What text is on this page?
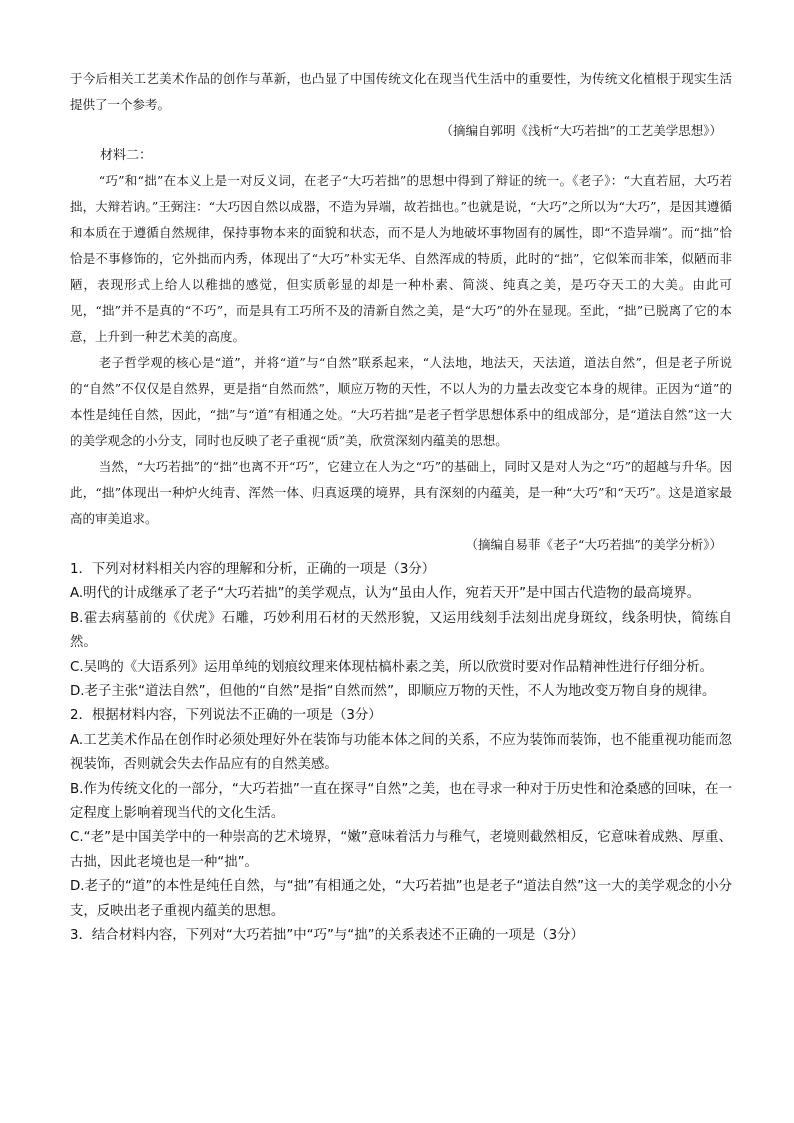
于今后相关工艺美术作品的创作与革新，也凸显了中国传统文化在现当代生活中的重要性，为传统文化植根于现实生活提供了一个参考。

（摘编自郭明《浅析“大巧若拙”的工艺美学思想》）

材料二：

“巧”和“拙”在本义上是一对反义词，在老子“大巧若拙”的思想中得到了辩证的统一。《老子》：“大直若屈，大巧若拙，大辩若讷。”王弼注：“大巧因自然以成器，不造为异端，故若拙也。”也就是说，“大巧”之所以为“大巧”，是因其遵循和本质在于遵循自然规律，保持事物本来的面貌和状态，而不是人为地破坏事物固有的属性，即“不造异端”。而“拙”恰恰是不事修饰的，它外拙而内秀，体现出了“大巧”朴实无华、自然浑成的特质，此时的“拙”，它似笨而非笨，似陋而非陋，表现形式上给人以稚拙的感觉，但实质彰显的却是一种朴素、简淡、纯真之美，是巧夺天工的大美。由此可见，“拙”并不是真的“不巧”，而是具有工巧所不及的清新自然之美，是“大巧”的外在显现。至此，“拙”已脱离了它的本意，上升到一种艺术美的高度。

老子哲学观的核心是“道”，并将“道”与“自然”联系起来，“人法地，地法天，天法道，道法自然”，但是老子所说的“自然”不仅仅是自然界，更是指“自然而然”，顺应万物的天性，不以人为的力量去改变它本身的规律。正因为“道”的本性是纯任自然，因此，“拙”与“道”有相通之处。“大巧若拙”是老子哲学思想体系中的组成部分，是“道法自然”这一大的美学观念的小分支，同时也反映了老子重视“质”美，欣赏深刻内蕴美的思想。

当然，“大巧若拙”的“拙”也离不开“巧”，它建立在人为之“巧”的基础上，同时又是对人为之“巧”的超越与升华。因此，“拙”体现出一种炉火纯青、浑然一体、归真返璞的境界，具有深刻的内蕴美，是一种“大巧”和“天巧”。这是道家最高的审美追求。

（摘编自易菲《老子“大巧若拙”的美学分析》）

1．下列对材料相关内容的理解和分析，正确的一项是（3分）

A.明代的计成继承了老子“大巧若拙”的美学观点，认为“虽由人作，宛若天开”是中国古代造物的最高境界。

B.霍去病墓前的《伏虎》石雕，巧妙利用石材的天然形貌，又运用线刻手法刻出虎身斑纹，线条明快，简练自然。

C.吴鸣的《大语系列》运用单纯的划痕纹理来体现枯槁朴素之美，所以欣赏时要对作品精神性进行仔细分析。

D.老子主张“道法自然”，但他的“自然”是指“自然而然”，即顺应万物的天性，不人为地改变万物自身的规律。

2．根据材料内容，下列说法不正确的一项是（3分）

A.工艺美术作品在创作时必须处理好外在装饰与功能本体之间的关系，不应为装饰而装饰，也不能重视功能而忽视装饰，否则就会失去作品应有的自然美感。

B.作为传统文化的一部分，“大巧若拙”一直在探寻“自然”之美，也在寻求一种对于历史性和沧桑感的回味，在一定程度上影响着现当代的文化生活。

C.“老”是中国美学中的一种崇高的艺术境界，“嫩”意味着活力与稚气，老境则截然相反，它意味着成熟、厚重、古拙，因此老境也是一种“拙”。

D.老子的“道”的本性是纯任自然，与“拙”有相通之处，“大巧若拙”也是老子“道法自然”这一大的美学观念的小分支，反映出老子重视内蕴美的思想。

3．结合材料内容，下列对“大巧若拙”中“巧”与“拙”的关系表述不正确的一项是（3分）
